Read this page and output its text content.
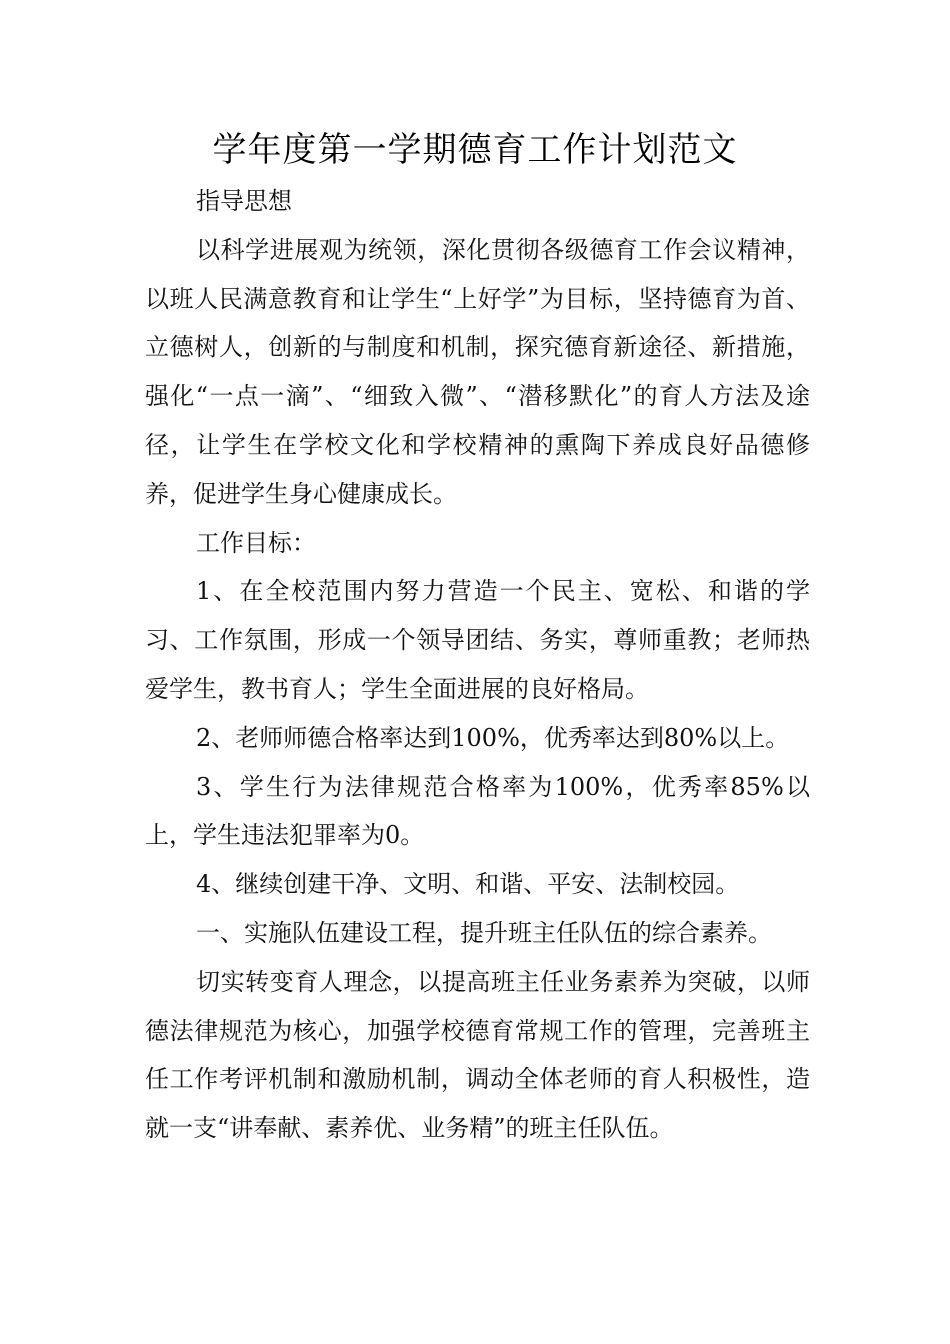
学年度第一学期德育工作计划范文

指导思想

以科学进展观为统领，深化贯彻各级德育工作会议精神，以班人民满意教育和让学生“上好学”为目标，坚持德育为首、立德树人，创新的与制度和机制，探究德育新途径、新措施，强化“一点一滴”、“细致入微”、“潜移默化”的育人方法及途径，让学生在学校文化和学校精神的熏陶下养成良好品德修养，促进学生身心健康成长。

工作目标：

1、在全校范围内努力营造一个民主、宽松、和谐的学习、工作氛围，形成一个领导团结、务实，尊师重教；老师热爱学生，教书育人；学生全面进展的良好格局。

2、老师师德合格率达到100%，优秀率达到80%以上。

3、学生行为法律规范合格率为100%，优秀率85%以上，学生违法犯罪率为0。

4、继续创建干净、文明、和谐、平安、法制校园。

一、实施队伍建设工程，提升班主任队伍的综合素养。

切实转变育人理念，以提高班主任业务素养为突破，以师德法律规范为核心，加强学校德育常规工作的管理，完善班主任工作考评机制和激励机制，调动全体老师的育人积极性，造就一支“讲奉献、素养优、业务精”的班主任队伍。
